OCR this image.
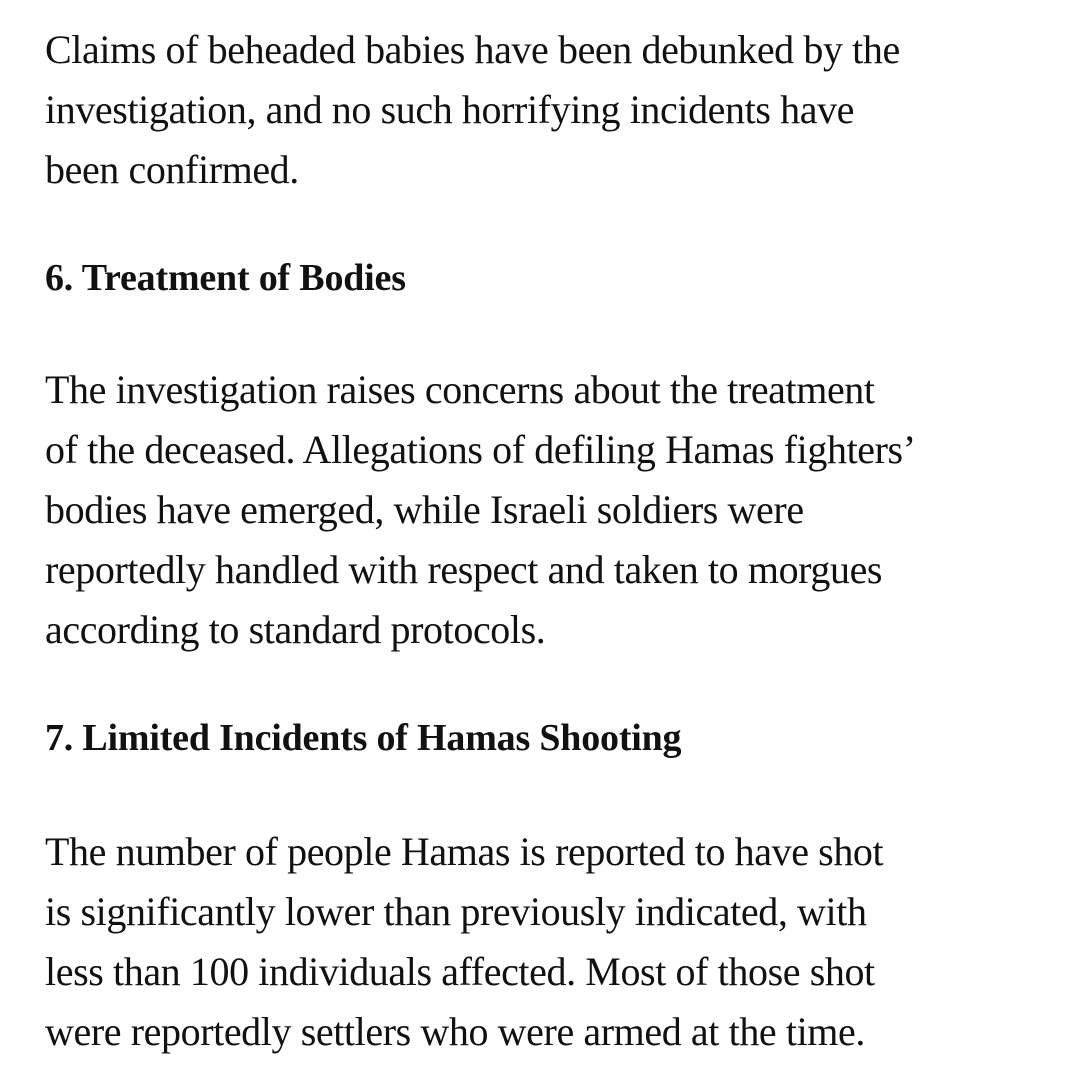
Claims of beheaded babies have been debunked by the
investigation, and no such horrifying incidents have
been confirmed.

6. Treatment of Bodies

The investigation raises concerns about the treatment
of the deceased. Allegations of defiling Hamas fighters’
bodies have emerged, while Israeli soldiers were
reportedly handled with respect and taken to morgues
according to standard protocols.

7. Limited Incidents of Hamas Shooting

The number of people Hamas is reported to have shot
is significantly lower than previously indicated, with
less than 100 individuals affected. Most of those shot
were reportedly settlers who were armed at the time.
